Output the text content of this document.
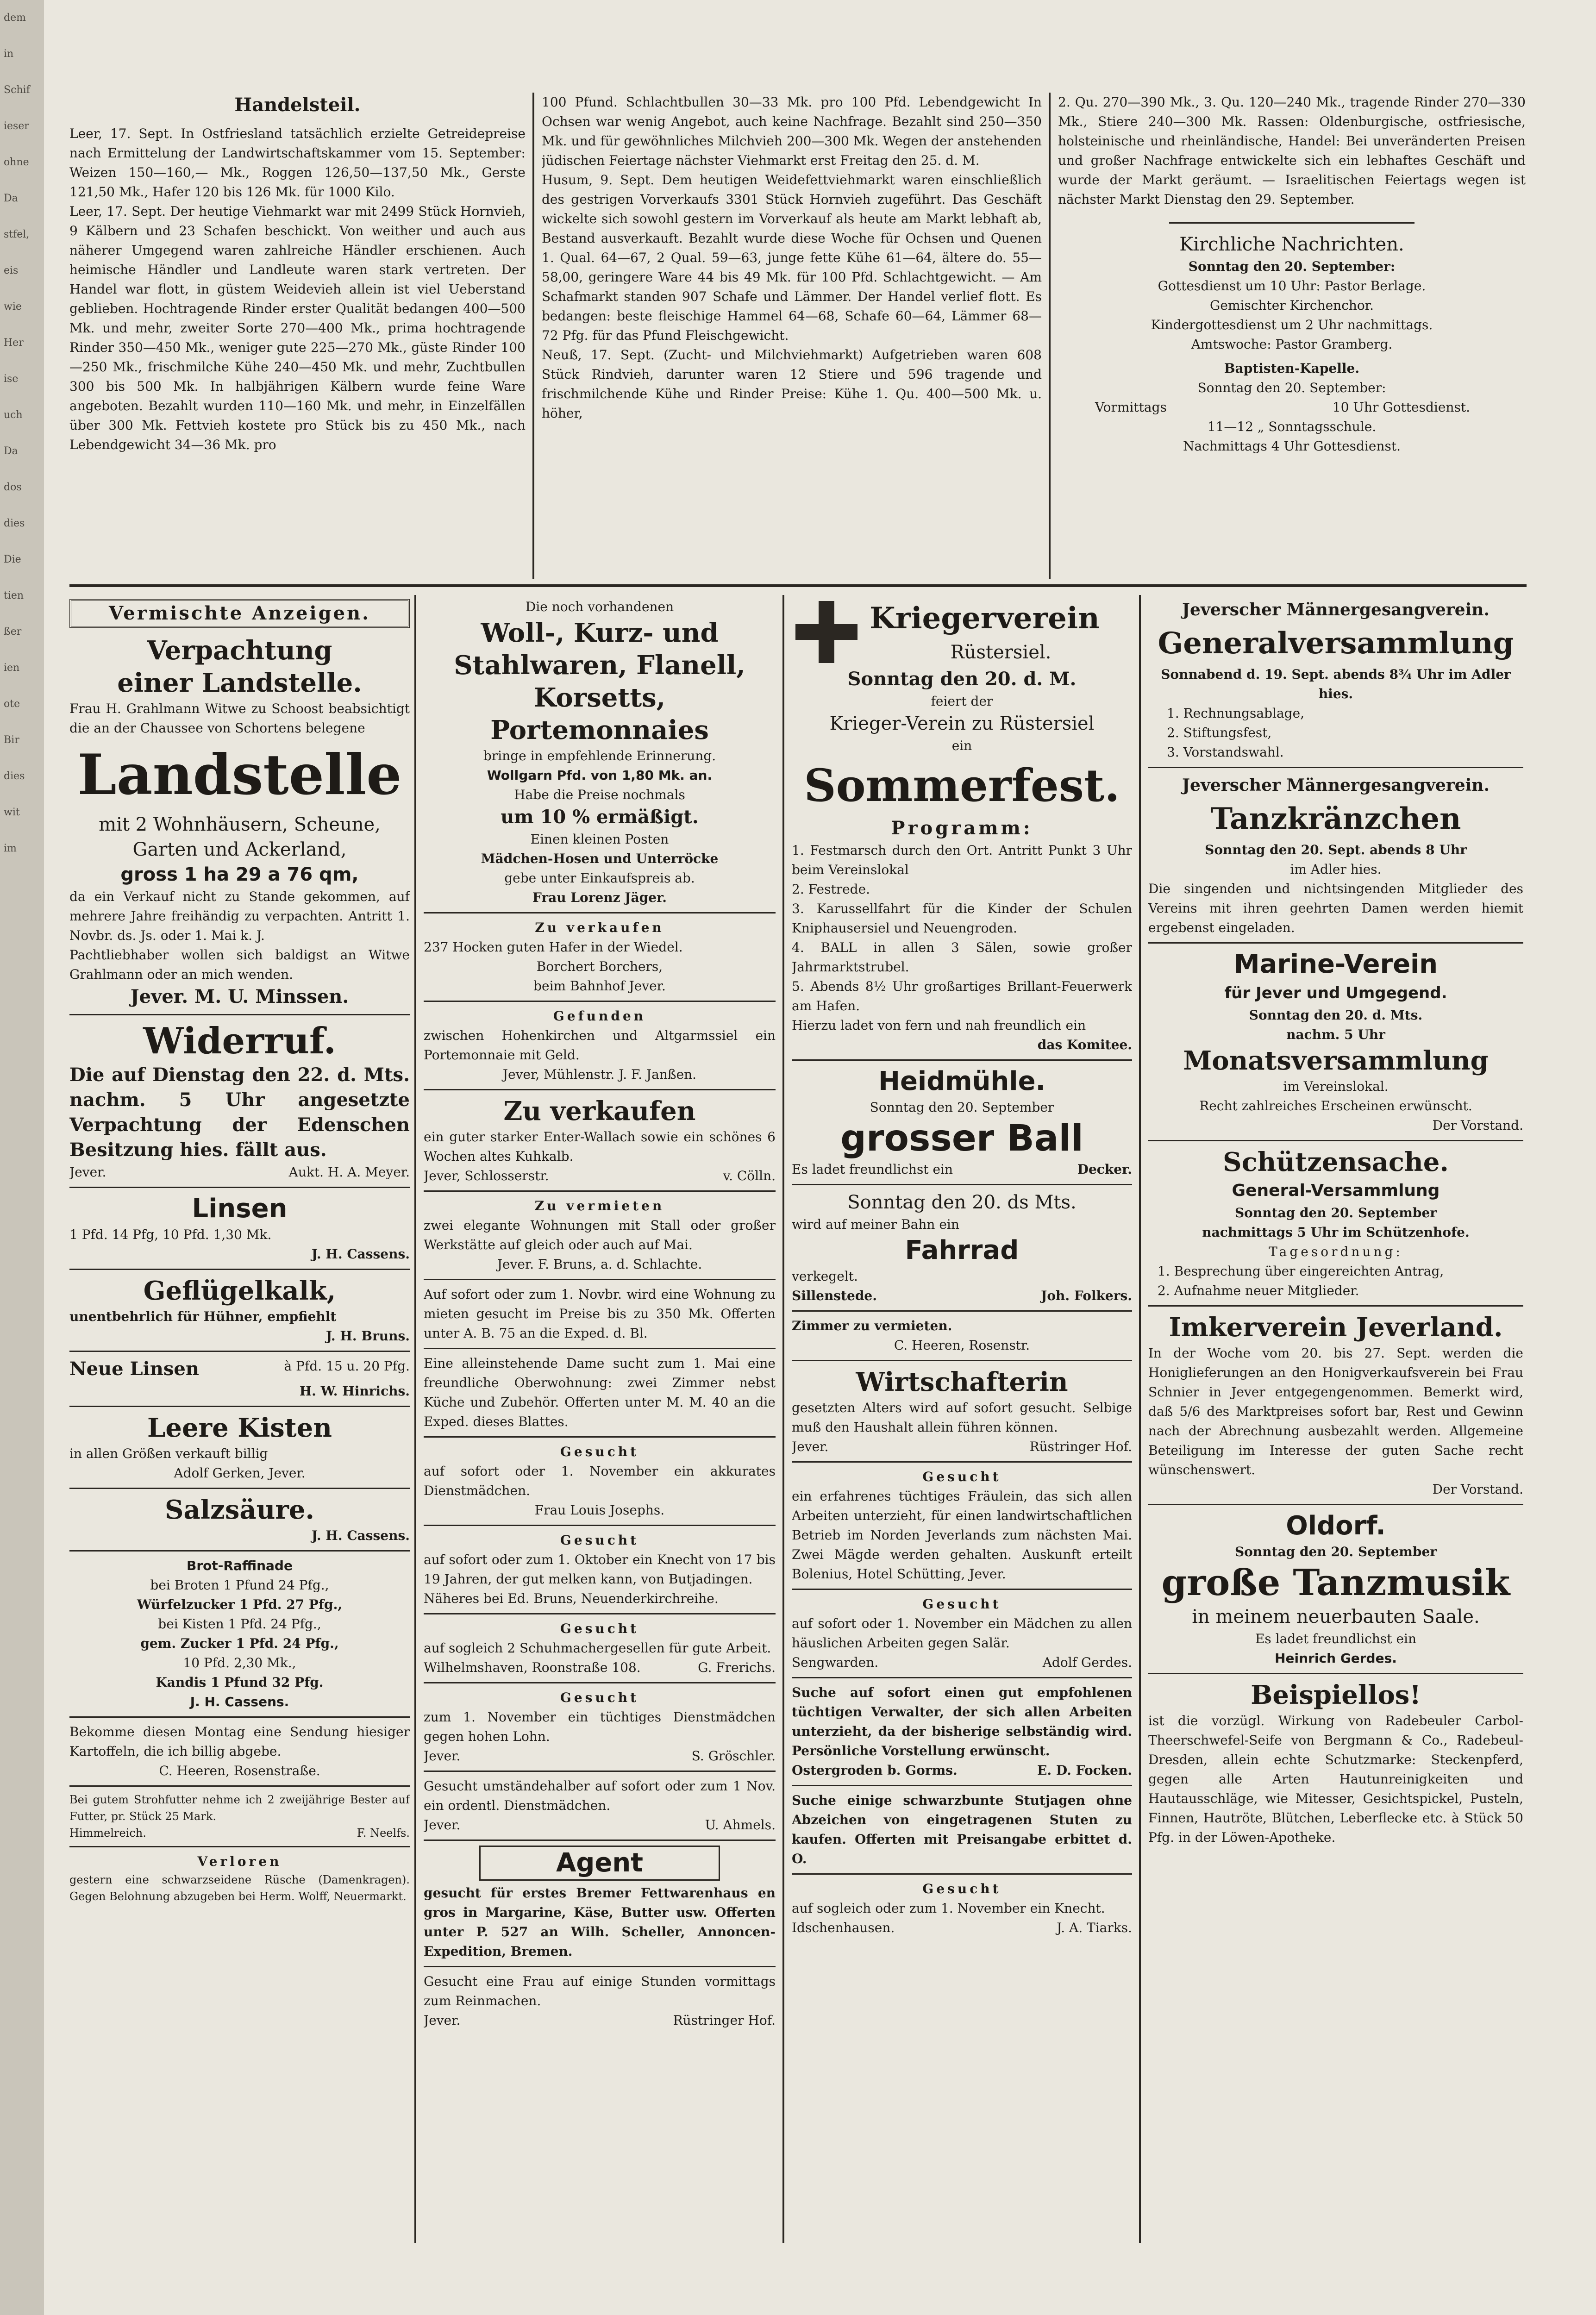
dem
in
Schif
ieser
ohne
Da
stfel,
eis
wie
Her
ise
uch
Da
dos
dies
Die
tien
ßer
ien
ote
Bir
dies
wit
im

Handelsteil.

Leer, 17. Sept. In Ostfriesland tatsächlich erzielte Getreidepreise nach Ermittelung der Landwirtschaftskammer vom 15. September: Weizen 150—160,— Mk., Roggen 126,50—137,50 Mk., Gerste 121,50 Mk., Hafer 120 bis 126 Mk. für 1000 Kilo.

Leer, 17. Sept. Der heutige Viehmarkt war mit 2499 Stück Hornvieh, 9 Kälbern und 23 Schafen beschickt. Von weither und auch aus näherer Umgegend waren zahlreiche Händler erschienen. Auch heimische Händler und Landleute waren stark vertreten. Der Handel war flott, in güstem Weidevieh allein ist viel Ueberstand geblieben. Hochtragende Rinder erster Qualität bedangen 400—500 Mk. und mehr, zweiter Sorte 270—400 Mk., prima hochtragende Rinder 350—450 Mk., weniger gute 225—270 Mk., güste Rinder 100—250 Mk., frischmilche Kühe 240—450 Mk. und mehr, Zuchtbullen 300 bis 500 Mk. In halbjährigen Kälbern wurde feine Ware angeboten. Bezahlt wurden 110—160 Mk. und mehr, in Einzelfällen über 300 Mk. Fettvieh kostete pro Stück bis zu 450 Mk., nach Lebendgewicht 34—36 Mk. pro

100 Pfund. Schlachtbullen 30—33 Mk. pro 100 Pfd. Lebendgewicht In Ochsen war wenig Angebot, auch keine Nachfrage. Bezahlt sind 250—350 Mk. und für gewöhnliches Milchvieh 200—300 Mk. Wegen der anstehenden jüdischen Feiertage nächster Viehmarkt erst Freitag den 25. d. M.

Husum, 9. Sept. Dem heutigen Weidefettviehmarkt waren einschließlich des gestrigen Vorverkaufs 3301 Stück Hornvieh zugeführt. Das Geschäft wickelte sich sowohl gestern im Vorverkauf als heute am Markt lebhaft ab, Bestand ausverkauft. Bezahlt wurde diese Woche für Ochsen und Quenen 1. Qual. 64—67, 2 Qual. 59—63, junge fette Kühe 61—64, ältere do. 55—58,00, geringere Ware 44 bis 49 Mk. für 100 Pfd. Schlachtgewicht. — Am Schafmarkt standen 907 Schafe und Lämmer. Der Handel verlief flott. Es bedangen: beste fleischige Hammel 64—68, Schafe 60—64, Lämmer 68—72 Pfg. für das Pfund Fleischgewicht.

Neuß, 17. Sept. (Zucht- und Milchviehmarkt) Aufgetrieben waren 608 Stück Rindvieh, darunter waren 12 Stiere und 596 tragende und frischmilchende Kühe und Rinder Preise: Kühe 1. Qu. 400—500 Mk. u. höher,

2. Qu. 270—390 Mk., 3. Qu. 120—240 Mk., tragende Rinder 270—330 Mk., Stiere 240—300 Mk. Rassen: Oldenburgische, ostfriesische, holsteinische und rheinländische, Handel: Bei unveränderten Preisen und großer Nachfrage entwickelte sich ein lebhaftes Geschäft und wurde der Markt geräumt. — Israelitischen Feiertags wegen ist nächster Markt Dienstag den 29. September.

Kirchliche Nachrichten.

Sonntag den 20. September:

Gottesdienst um 10 Uhr: Pastor Berlage.

Gemischter Kirchenchor.

Kindergottesdienst um 2 Uhr nachmittags.

Amtswoche: Pastor Gramberg.

Baptisten-Kapelle.

Sonntag den 20. September:

Vormittags	10 Uhr Gottesdienst.

11—12 „ Sonntagsschule.

Nachmittags 4 Uhr Gottesdienst.

Vermischte Anzeigen.

Verpachtung

einer Landstelle.

Frau H. Grahlmann Witwe zu Schoost beabsichtigt die an der Chaussee von Schortens belegene

Landstelle

mit 2 Wohnhäusern, Scheune, Garten und Ackerland,

gross 1 ha 29 a 76 qm,

da ein Verkauf nicht zu Stande gekommen, auf mehrere Jahre freihändig zu verpachten. Antritt 1. Novbr. ds. Js. oder 1. Mai k. J.

Pachtliebhaber wollen sich baldigst an Witwe Grahlmann oder an mich wenden.

Jever. M. U. Minssen.

Widerruf.

Die auf Dienstag den 22. d. Mts. nachm. 5 Uhr angesetzte Verpachtung der Edenschen Besitzung hies. fällt aus.

Jever.	Aukt. H. A. Meyer.

Linsen

1 Pfd. 14 Pfg, 10 Pfd. 1,30 Mk.

J. H. Cassens.

Geflügelkalk,

unentbehrlich für Hühner, empfiehlt

J. H. Bruns.

Neue Linsen	à Pfd. 15 u. 20 Pfg.

H. W. Hinrichs.

Leere Kisten

in allen Größen verkauft billig

Adolf Gerken, Jever.

Salzsäure.

J. H. Cassens.

Brot-Raffinade

bei Broten 1 Pfund 24 Pfg.,

Würfelzucker 1 Pfd. 27 Pfg.,

bei Kisten 1 Pfd. 24 Pfg.,

gem. Zucker 1 Pfd. 24 Pfg.,

10 Pfd. 2,30 Mk.,

Kandis 1 Pfund 32 Pfg.

J. H. Cassens.

Bekomme diesen Montag eine Sendung hiesiger Kartoffeln, die ich billig abgebe.

C. Heeren, Rosenstraße.

Bei gutem Strohfutter nehme ich 2 zweijährige Bester auf Futter, pr. Stück 25 Mark.

Himmelreich.	F. Neelfs.

Verloren

gestern eine schwarzseidene Rüsche (Damenkragen). Gegen Belohnung abzugeben bei Herm. Wolff, Neuermarkt.

Die noch vorhandenen

Woll-, Kurz- und Stahlwaren, Flanell, Korsetts, Portemonnaies

bringe in empfehlende Erinnerung.

Wollgarn Pfd. von 1,80 Mk. an.

Habe die Preise nochmals

um 10 % ermäßigt.

Einen kleinen Posten

Mädchen-Hosen und Unterröcke

gebe unter Einkaufspreis ab.

Frau Lorenz Jäger.

Zu verkaufen

237 Hocken guten Hafer in der Wiedel.

Borchert Borchers,

beim Bahnhof Jever.

Gefunden

zwischen Hohenkirchen und Altgarmssiel ein Portemonnaie mit Geld.

Jever, Mühlenstr. J. F. Janßen.

Zu verkaufen

ein guter starker Enter-Wallach sowie ein schönes 6 Wochen altes Kuhkalb.

Jever, Schlosserstr.	v. Cölln.

Zu vermieten

zwei elegante Wohnungen mit Stall oder großer Werkstätte auf gleich oder auch auf Mai.

Jever. F. Bruns, a. d. Schlachte.

Auf sofort oder zum 1. Novbr. wird eine Wohnung zu mieten gesucht im Preise bis zu 350 Mk. Offerten unter A. B. 75 an die Exped. d. Bl.

Eine alleinstehende Dame sucht zum 1. Mai eine freundliche Oberwohnung: zwei Zimmer nebst Küche und Zubehör. Offerten unter M. M. 40 an die Exped. dieses Blattes.

Gesucht

auf sofort oder 1. November ein akkurates Dienstmädchen.

Frau Louis Josephs.

Gesucht

auf sofort oder zum 1. Oktober ein Knecht von 17 bis 19 Jahren, der gut melken kann, von Butjadingen.

Näheres bei Ed. Bruns, Neuenderkirchreihe.

Gesucht

auf sogleich 2 Schuhmachergesellen für gute Arbeit.

Wilhelmshaven, Roonstraße 108.	G. Frerichs.

Gesucht

zum 1. November ein tüchtiges Dienstmädchen gegen hohen Lohn.

Jever.	S. Gröschler.

Gesucht umständehalber auf sofort oder zum 1 Nov. ein ordentl. Dienstmädchen.

Jever.	U. Ahmels.

Agent

gesucht für erstes Bremer Fettwarenhaus en gros in Margarine, Käse, Butter usw. Offerten unter P. 527 an Wilh. Scheller, Annoncen-Expedition, Bremen.

Gesucht eine Frau auf einige Stunden vormittags zum Reinmachen.

Jever.	Rüstringer Hof.

Kriegerverein

Rüstersiel.

Sonntag den 20. d. M.

feiert der

Krieger-Verein zu Rüstersiel

ein

Sommerfest.

Programm:

1. Festmarsch durch den Ort. Antritt Punkt 3 Uhr beim Vereinslokal

2. Festrede.

3. Karussellfahrt für die Kinder der Schulen Kniphausersiel und Neuengroden.

4. BALL in allen 3 Sälen, sowie großer Jahrmarktstrubel.

5. Abends 8½ Uhr großartiges Brillant-Feuerwerk am Hafen.

Hierzu ladet von fern und nah freundlich ein

das Komitee.

Heidmühle.

Sonntag den 20. September

grosser Ball

Es ladet freundlichst ein	Decker.

Sonntag den 20. ds Mts.

wird auf meiner Bahn ein

Fahrrad

verkegelt.

Sillenstede.	Joh. Folkers.

Zimmer zu vermieten.

C. Heeren, Rosenstr.

Wirtschafterin

gesetzten Alters wird auf sofort gesucht. Selbige muß den Haushalt allein führen können.

Jever.	Rüstringer Hof.

Gesucht

ein erfahrenes tüchtiges Fräulein, das sich allen Arbeiten unterzieht, für einen landwirtschaftlichen Betrieb im Norden Jeverlands zum nächsten Mai. Zwei Mägde werden gehalten. Auskunft erteilt Bolenius, Hotel Schütting, Jever.

Gesucht

auf sofort oder 1. November ein Mädchen zu allen häuslichen Arbeiten gegen Salär.

Sengwarden.	Adolf Gerdes.

Suche auf sofort einen gut empfohlenen tüchtigen Verwalter, der sich allen Arbeiten unterzieht, da der bisherige selbständig wird. Persönliche Vorstellung erwünscht.

Ostergroden b. Gorms.	E. D. Focken.

Suche einige schwarzbunte Stutjagen ohne Abzeichen von eingetragenen Stuten zu kaufen. Offerten mit Preisangabe erbittet d. O.

Gesucht

auf sogleich oder zum 1. November ein Knecht.

Idschenhausen.	J. A. Tiarks.

Jeverscher Männergesangverein.

Generalversammlung

Sonnabend d. 19. Sept. abends 8¾ Uhr im Adler hies.

1. Rechnungsablage,

2. Stiftungsfest,

3. Vorstandswahl.

Jeverscher Männergesangverein.

Tanzkränzchen

Sonntag den 20. Sept. abends 8 Uhr

im Adler hies.

Die singenden und nichtsingenden Mitglieder des Vereins mit ihren geehrten Damen werden hiemit ergebenst eingeladen.

Marine-Verein

für Jever und Umgegend.

Sonntag den 20. d. Mts.

nachm. 5 Uhr

Monatsversammlung

im Vereinslokal.

Recht zahlreiches Erscheinen erwünscht.

Der Vorstand.

Schützensache.

General-Versammlung

Sonntag den 20. September

nachmittags 5 Uhr im Schützenhofe.

Tagesordnung:

1. Besprechung über eingereichten Antrag,

2. Aufnahme neuer Mitglieder.

Imkerverein Jeverland.

In der Woche vom 20. bis 27. Sept. werden die Honiglieferungen an den Honigverkaufsverein bei Frau Schnier in Jever entgegengenommen. Bemerkt wird, daß 5/6 des Marktpreises sofort bar, Rest und Gewinn nach der Abrechnung ausbezahlt werden. Allgemeine Beteiligung im Interesse der guten Sache recht wünschenswert.

Der Vorstand.

Oldorf.

Sonntag den 20. September

große Tanzmusik

in meinem neuerbauten Saale.

Es ladet freundlichst ein

Heinrich Gerdes.

Beispiellos!

ist die vorzügl. Wirkung von Radebeuler Carbol-Theerschwefel-Seife von Bergmann & Co., Radebeul-Dresden, allein echte Schutzmarke: Steckenpferd, gegen alle Arten Hautunreinigkeiten und Hautausschläge, wie Mitesser, Gesichtspickel, Pusteln, Finnen, Hautröte, Blütchen, Leberflecke etc. à Stück 50 Pfg. in der Löwen-Apotheke.
